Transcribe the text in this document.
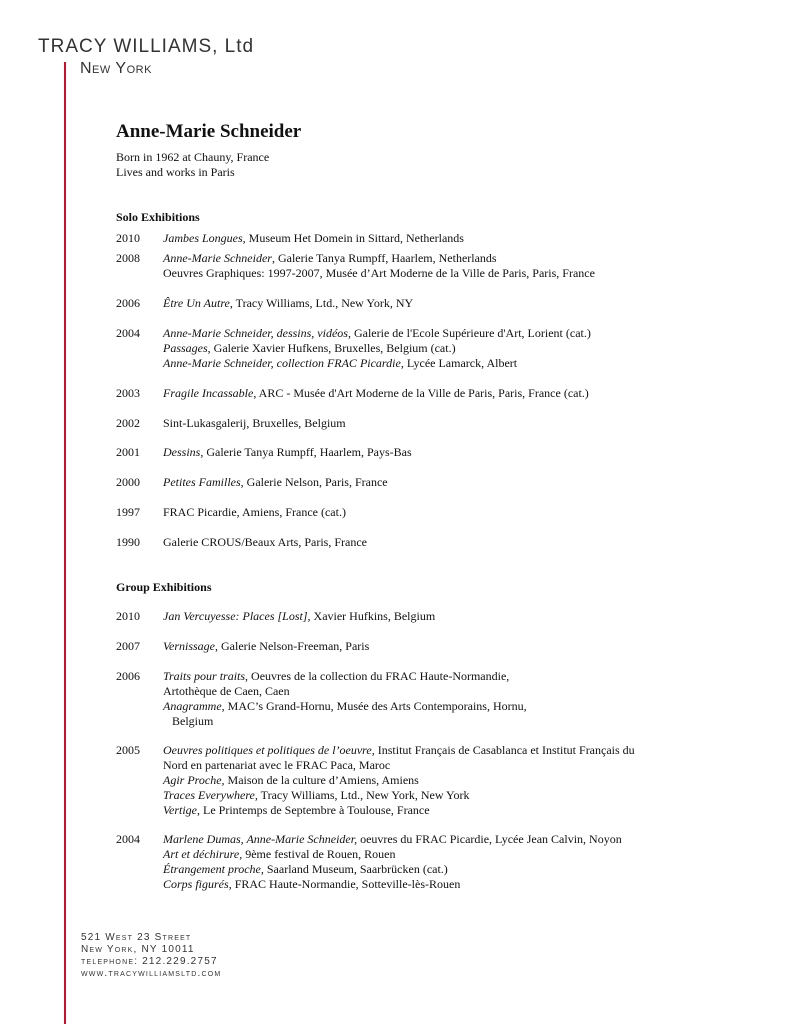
TRACY WILLIAMS, Ltd
New York
Anne-Marie Schneider
Born in 1962 at Chauny, France
Lives and works in Paris
Solo Exhibitions
2010 Jambes Longues, Museum Het Domein in Sittard, Netherlands
2008 Anne-Marie Schneider, Galerie Tanya Rumpff, Haarlem, Netherlands
Oeuvres Graphiques: 1997-2007, Musée d’Art Moderne de la Ville de Paris, Paris, France
2006 Être Un Autre, Tracy Williams, Ltd., New York, NY
2004 Anne-Marie Schneider, dessins, vidéos, Galerie de l'Ecole Supérieure d'Art, Lorient (cat.)
Passages, Galerie Xavier Hufkens, Bruxelles, Belgium (cat.)
Anne-Marie Schneider, collection FRAC Picardie, Lycée Lamarck, Albert
2003 Fragile Incassable, ARC - Musée d'Art Moderne de la Ville de Paris, Paris, France (cat.)
2002 Sint-Lukasgalerij, Bruxelles, Belgium
2001 Dessins, Galerie Tanya Rumpff, Haarlem, Pays-Bas
2000 Petites Familles, Galerie Nelson, Paris, France
1997 FRAC Picardie, Amiens, France (cat.)
1990 Galerie CROUS/Beaux Arts, Paris, France
Group Exhibitions
2010 Jan Vercuyesse: Places [Lost], Xavier Hufkins, Belgium
2007 Vernissage, Galerie Nelson-Freeman, Paris
2006 Traits pour traits, Oeuvres de la collection du FRAC Haute-Normandie,
Artothèque de Caen, Caen
Anagramme, MAC’s Grand-Hornu, Musée des Arts Contemporains, Hornu,
Belgium
2005 Oeuvres politiques et politiques de l’oeuvre, Institut Français de Casablanca et Institut Français du
Nord en partenariat avec le FRAC Paca, Maroc
Agir Proche, Maison de la culture d’Amiens, Amiens
Traces Everywhere, Tracy Williams, Ltd., New York, New York
Vertige, Le Printemps de Septembre à Toulouse, France
2004 Marlene Dumas, Anne-Marie Schneider, oeuvres du FRAC Picardie, Lycée Jean Calvin, Noyon
Art et déchirure, 9ème festival de Rouen, Rouen
Étrangement proche, Saarland Museum, Saarbrücken (cat.)
Corps figurés, FRAC Haute-Normandie, Sotteville-lès-Rouen
521 West 23 Street
New York, NY 10011
telephone: 212.229.2757
www.tracywilliamsltd.com
